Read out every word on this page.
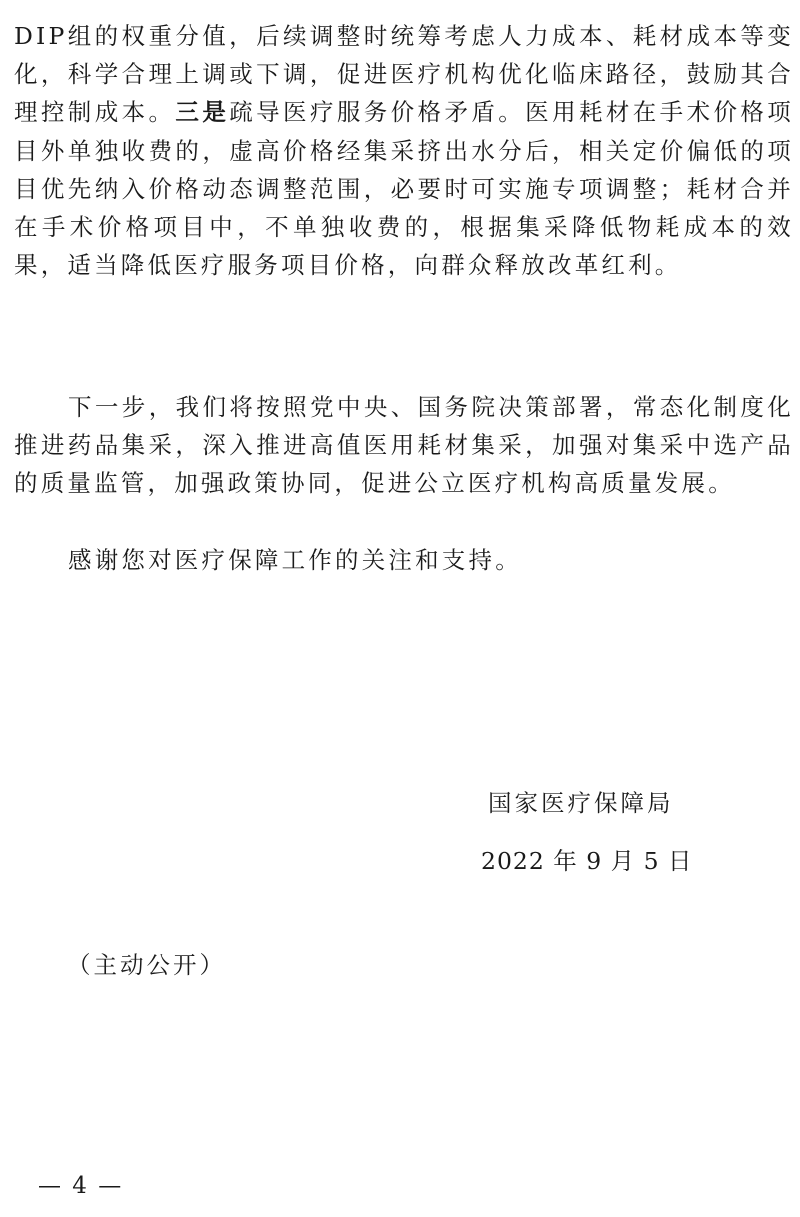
DIP组的权重分值，后续调整时统筹考虑人力成本、耗材成本等变化，科学合理上调或下调，促进医疗机构优化临床路径，鼓励其合理控制成本。三是疏导医疗服务价格矛盾。医用耗材在手术价格项目外单独收费的，虚高价格经集采挤出水分后，相关定价偏低的项目优先纳入价格动态调整范围，必要时可实施专项调整；耗材合并在手术价格项目中，不单独收费的，根据集采降低物耗成本的效果，适当降低医疗服务项目价格，向群众释放改革红利。

下一步，我们将按照党中央、国务院决策部署，常态化制度化推进药品集采，深入推进高值医用耗材集采，加强对集采中选产品的质量监管，加强政策协同，促进公立医疗机构高质量发展。

感谢您对医疗保障工作的关注和支持。

国家医疗保障局
2022 年 9 月 5 日
（主动公开）
— 4 —
